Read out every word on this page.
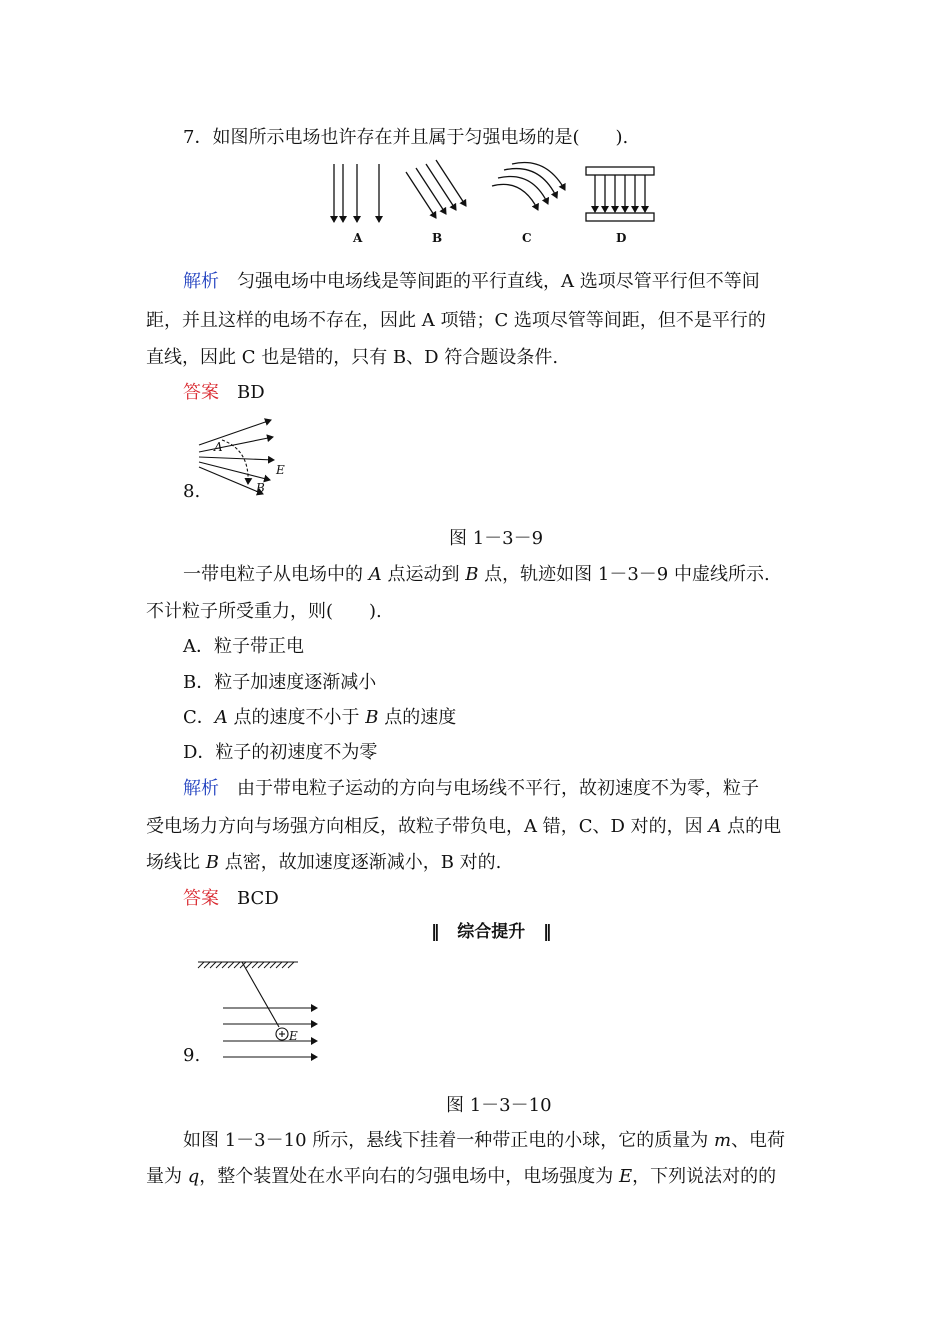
7．如图所示电场也许存在并且属于匀强电场的是(　　).
A	B	C	D
解析 匀强电场中电场线是等间距的平行直线，A 选项尽管平行但不等间
距，并且这样的电场不存在，因此 A 项错；C 选项尽管等间距，但不是平行的
直线，因此 C 也是错的，只有 B、D 符合题设条件.
答案 BD
8.
A
B
E
图 1－3－9
一带电粒子从电场中的 A 点运动到 B 点，轨迹如图 1－3－9 中虚线所示.
不计粒子所受重力，则(　　).
A．粒子带正电
B．粒子加速度逐渐减小
C．A 点的速度不小于 B 点的速度
D．粒子的初速度不为零
解析 由于带电粒子运动的方向与电场线不平行，故初速度不为零，粒子
受电场力方向与场强方向相反，故粒子带负电，A 错，C、D 对的，因 A 点的电
场线比 B 点密，故加速度逐渐减小，B 对的.
答案 BCD
‖ 综合提升 ‖
E
9.
图 1－3－10
如图 1－3－10 所示，悬线下挂着一种带正电的小球，它的质量为 m、电荷
量为 q，整个装置处在水平向右的匀强电场中，电场强度为 E，下列说法对的的
